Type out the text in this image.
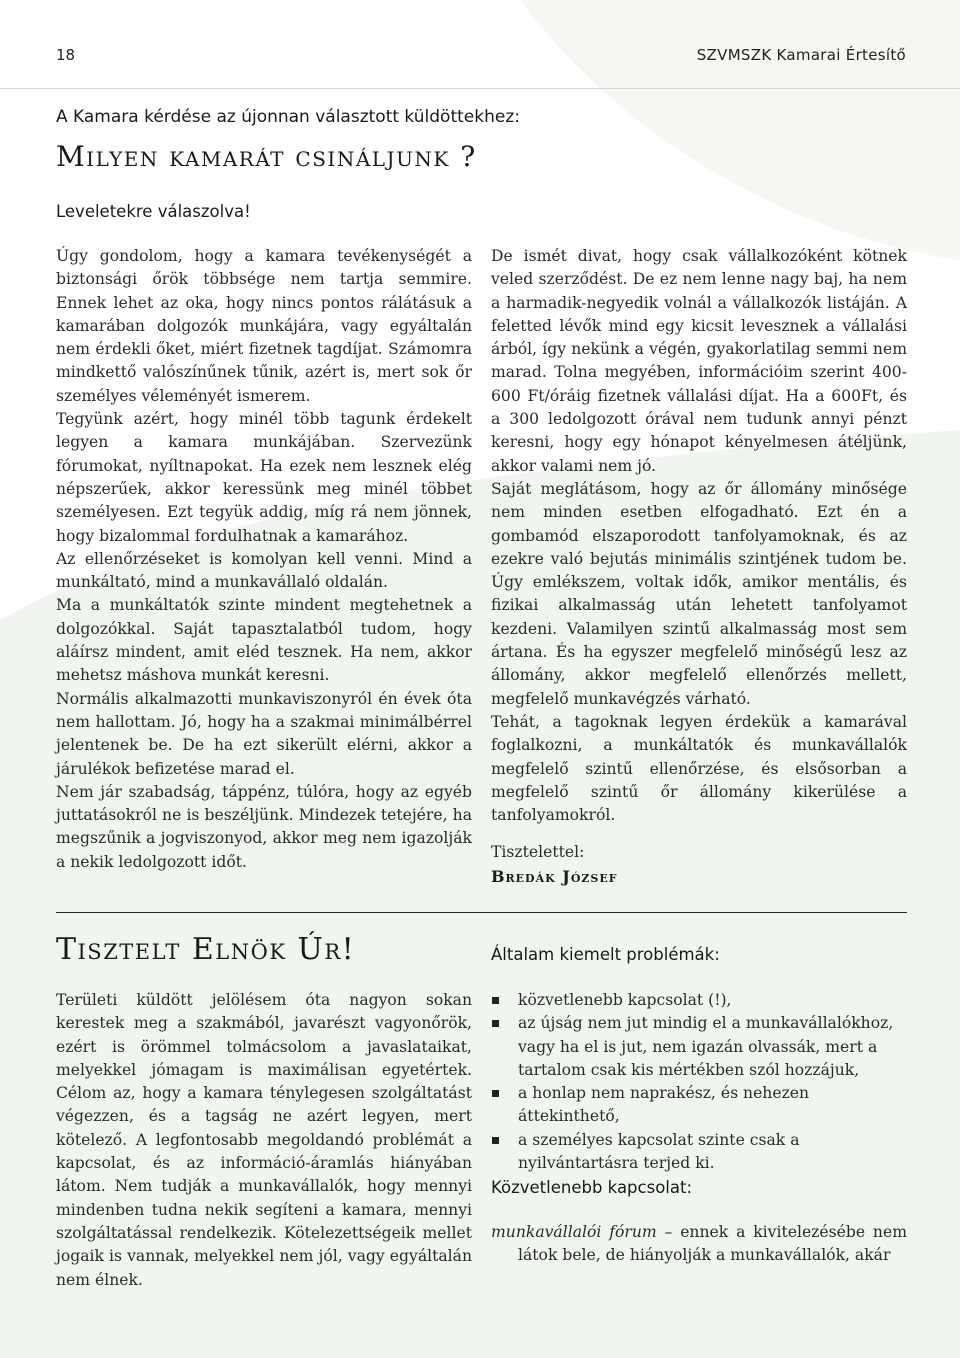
18	SZVMSZK Kamarai Értesítő
A Kamara kérdése az újonnan választott küldöttekhez:
Milyen kamarát csináljunk ?
Leveletekre válaszolva!

Úgy gondolom, hogy a kamara tevékenységét a biztonsági őrök többsége nem tartja semmire. Ennek lehet az oka, hogy nincs pontos rálátásuk a kamarában dolgozók munkájára, vagy egyáltalán nem érdekli őket, miért fizetnek tagdíjat. Számomra mindkettő valószínűnek tűnik, azért is, mert sok őr személyes véleményét ismerem.

Tegyünk azért, hogy minél több tagunk érdekelt legyen a kamara munkájában. Szervezünk fórumokat, nyíltnapokat. Ha ezek nem lesznek elég népszerűek, akkor keressünk meg minél többet személyesen. Ezt tegyük addig, míg rá nem jönnek, hogy bizalommal fordulhatnak a kamarához.

Az ellenőrzéseket is komolyan kell venni. Mind a munkáltató, mind a munkavállaló oldalán.

Ma a munkáltatók szinte mindent megtehetnek a dolgozókkal. Saját tapasztalatból tudom, hogy aláírsz mindent, amit eléd tesznek. Ha nem, akkor mehetsz máshova munkát keresni.

Normális alkalmazotti munkaviszonyról én évek óta nem hallottam. Jó, hogy ha a szakmai minimálbérrel jelentenek be. De ha ezt sikerült elérni, akkor a járulékok befizetése marad el.

Nem jár szabadság, táppénz, túlóra, hogy az egyéb juttatásokról ne is beszéljünk. Mindezek tetejére, ha megszűnik a jogviszonyod, akkor meg nem igazolják a nekik ledolgozott időt.

De ismét divat, hogy csak vállalkozóként kötnek veled szerződést. De ez nem lenne nagy baj, ha nem a harmadik-negyedik volnál a vállalkozók listáján. A feletted lévők mind egy kicsit levesznek a vállalási árból, így nekünk a végén, gyakorlatilag semmi nem marad. Tolna megyében, információim szerint 400-600 Ft/óráig fizetnek vállalási díjat. Ha a 600Ft, és a 300 ledolgozott órával nem tudunk annyi pénzt keresni, hogy egy hónapot kényelmesen átéljünk, akkor valami nem jó.

Saját meglátásom, hogy az őr állomány minősége nem minden esetben elfogadható. Ezt én a gombamód elszaporodott tanfolyamoknak, és az ezekre való bejutás minimális szintjének tudom be. Úgy emlékszem, voltak idők, amikor mentális, és fizikai alkalmasság után lehetett tanfolyamot kezdeni. Valamilyen szintű alkalmasság most sem ártana. És ha egyszer megfelelő minőségű lesz az állomány, akkor megfelelő ellenőrzés mellett, megfelelő munkavégzés várható.

Tehát, a tagoknak legyen érdekük a kamarával foglalkozni, a munkáltatók és munkavállalók megfelelő szintű ellenőrzése, és elsősorban a megfelelő szintű őr állomány kikerülése a tanfolyamokról.

Tisztelettel:

Bredák József

Tisztelt Elnök Úr!

Területi küldött jelölésem óta nagyon sokan kerestek meg a szakmából, javarészt vagyonőrök, ezért is örömmel tolmácsolom a javaslataikat, melyekkel jómagam is maximálisan egyetértek. Célom az, hogy a kamara ténylegesen szolgáltatást végezzen, és a tagság ne azért legyen, mert kötelező. A legfontosabb megoldandó problémát a kapcsolat, és az információ-áramlás hiányában látom. Nem tudják a munkavállalók, hogy mennyi mindenben tudna nekik segíteni a kamara, mennyi szolgáltatással rendelkezik. Kötelezettségeik mellet jogaik is vannak, melyekkel nem jól, vagy egyáltalán nem élnek.

Általam kiemelt problémák:
közvetlenebb kapcsolat (!),
az újság nem jut mindig el a munkavállalókhoz, vagy ha el is jut, nem igazán olvassák, mert a tartalom csak kis mértékben szól hozzájuk,
a honlap nem naprakész, és nehezen áttekinthető,
a személyes kapcsolat szinte csak a nyilvántartásra terjed ki.
Közvetlenebb kapcsolat:

munkavállalói fórum – ennek a kivitelezésébe nem látok bele, de hiányolják a munkavállalók, akár
